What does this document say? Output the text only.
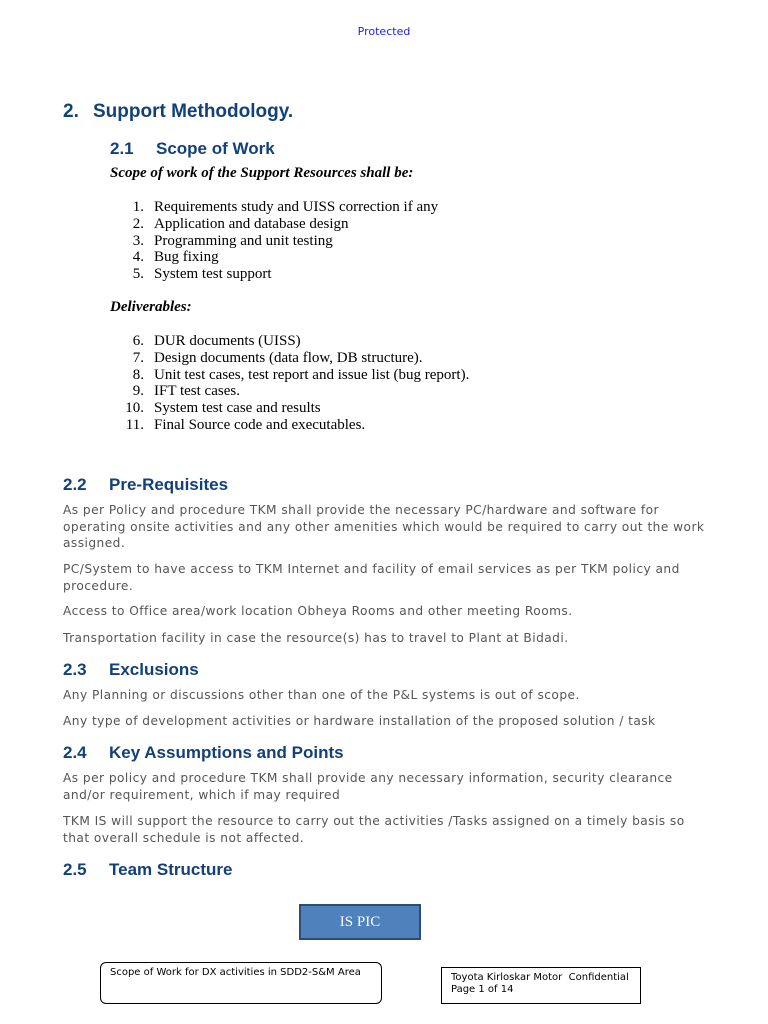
Protected
2. Support Methodology.
2.1 Scope of Work
Scope of work of the Support Resources shall be:
1. Requirements study and UISS correction if any
2. Application and database design
3. Programming and unit testing
4. Bug fixing
5. System test support
Deliverables:
6. DUR documents (UISS)
7. Design documents (data flow, DB structure).
8. Unit test cases, test report and issue list (bug report).
9. IFT test cases.
10. System test case and results
11. Final Source code and executables.
2.2 Pre-Requisites
As per Policy and procedure TKM shall provide the necessary PC/hardware and software for operating onsite activities and any other amenities which would be required to carry out the work assigned.
PC/System to have access to TKM Internet and facility of email services as per TKM policy and procedure.
Access to Office area/work location Obheya Rooms and other meeting Rooms.
Transportation facility in case the resource(s) has to travel to Plant at Bidadi.
2.3 Exclusions
Any Planning or discussions other than one of the P&L systems is out of scope.
Any type of development activities or hardware installation of the proposed solution / task
2.4 Key Assumptions and Points
As per policy and procedure TKM shall provide any necessary information, security clearance and/or requirement, which if may required
TKM IS will support the resource to carry out the activities /Tasks assigned on a timely basis so that overall schedule is not affected.
2.5 Team Structure
IS PIC
Scope of Work for DX activities in SDD2-S&M Area	Toyota Kirloskar Motor  Confidential
Page 1 of 14
